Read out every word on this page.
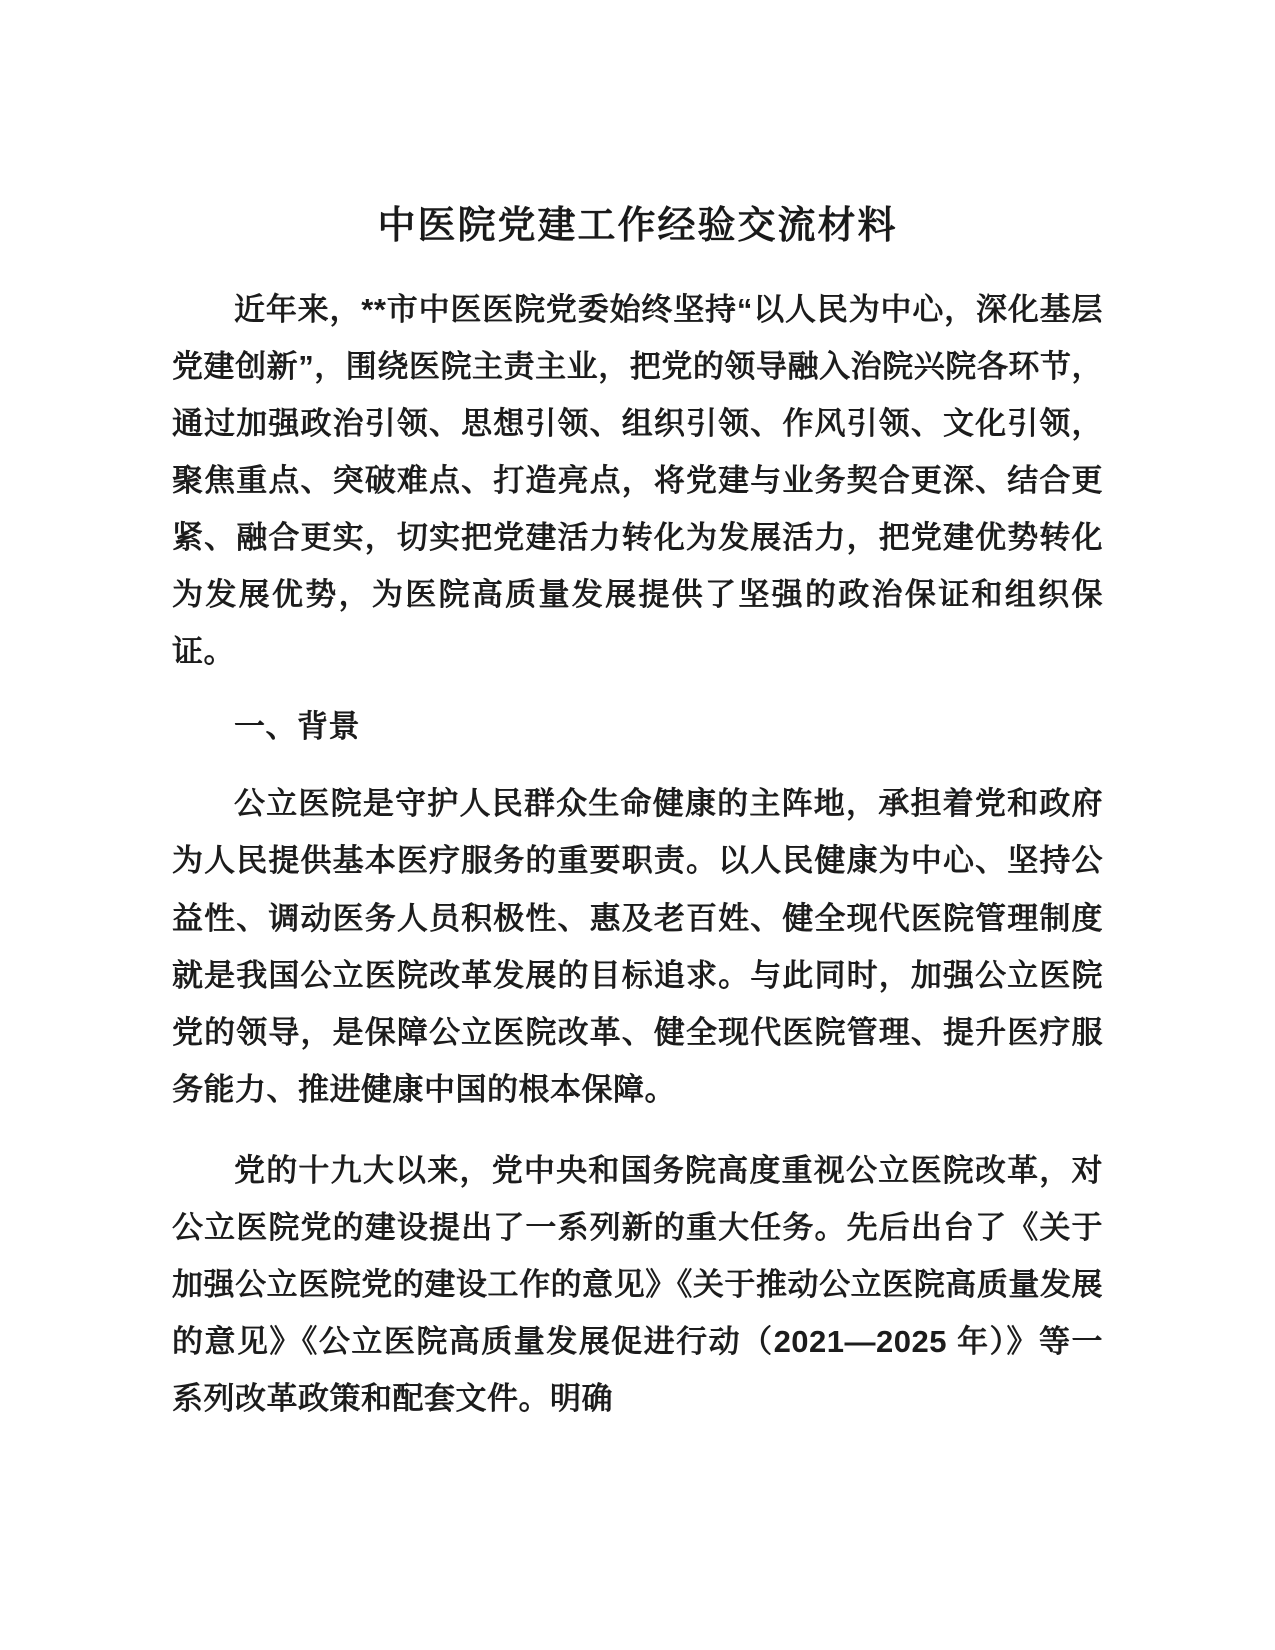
中医院党建工作经验交流材料

近年来，**市中医医院党委始终坚持“以人民为中心，深化基层党建创新”，围绕医院主责主业，把党的领导融入治院兴院各环节，通过加强政治引领、思想引领、组织引领、作风引领、文化引领，聚焦重点、突破难点、打造亮点，将党建与业务契合更深、结合更紧、融合更实，切实把党建活力转化为发展活力，把党建优势转化为发展优势，为医院高质量发展提供了坚强的政治保证和组织保证。

一、背景

公立医院是守护人民群众生命健康的主阵地，承担着党和政府为人民提供基本医疗服务的重要职责。以人民健康为中心、坚持公益性、调动医务人员积极性、惠及老百姓、健全现代医院管理制度就是我国公立医院改革发展的目标追求。与此同时，加强公立医院党的领导，是保障公立医院改革、健全现代医院管理、提升医疗服务能力、推进健康中国的根本保障。

党的十九大以来，党中央和国务院高度重视公立医院改革，对公立医院党的建设提出了一系列新的重大任务。先后出台了《关于加强公立医院党的建设工作的意见》《关于推动公立医院高质量发展的意见》《公立医院高质量发展促进行动（2021—2025 年）》等一系列改革政策和配套文件。明确
